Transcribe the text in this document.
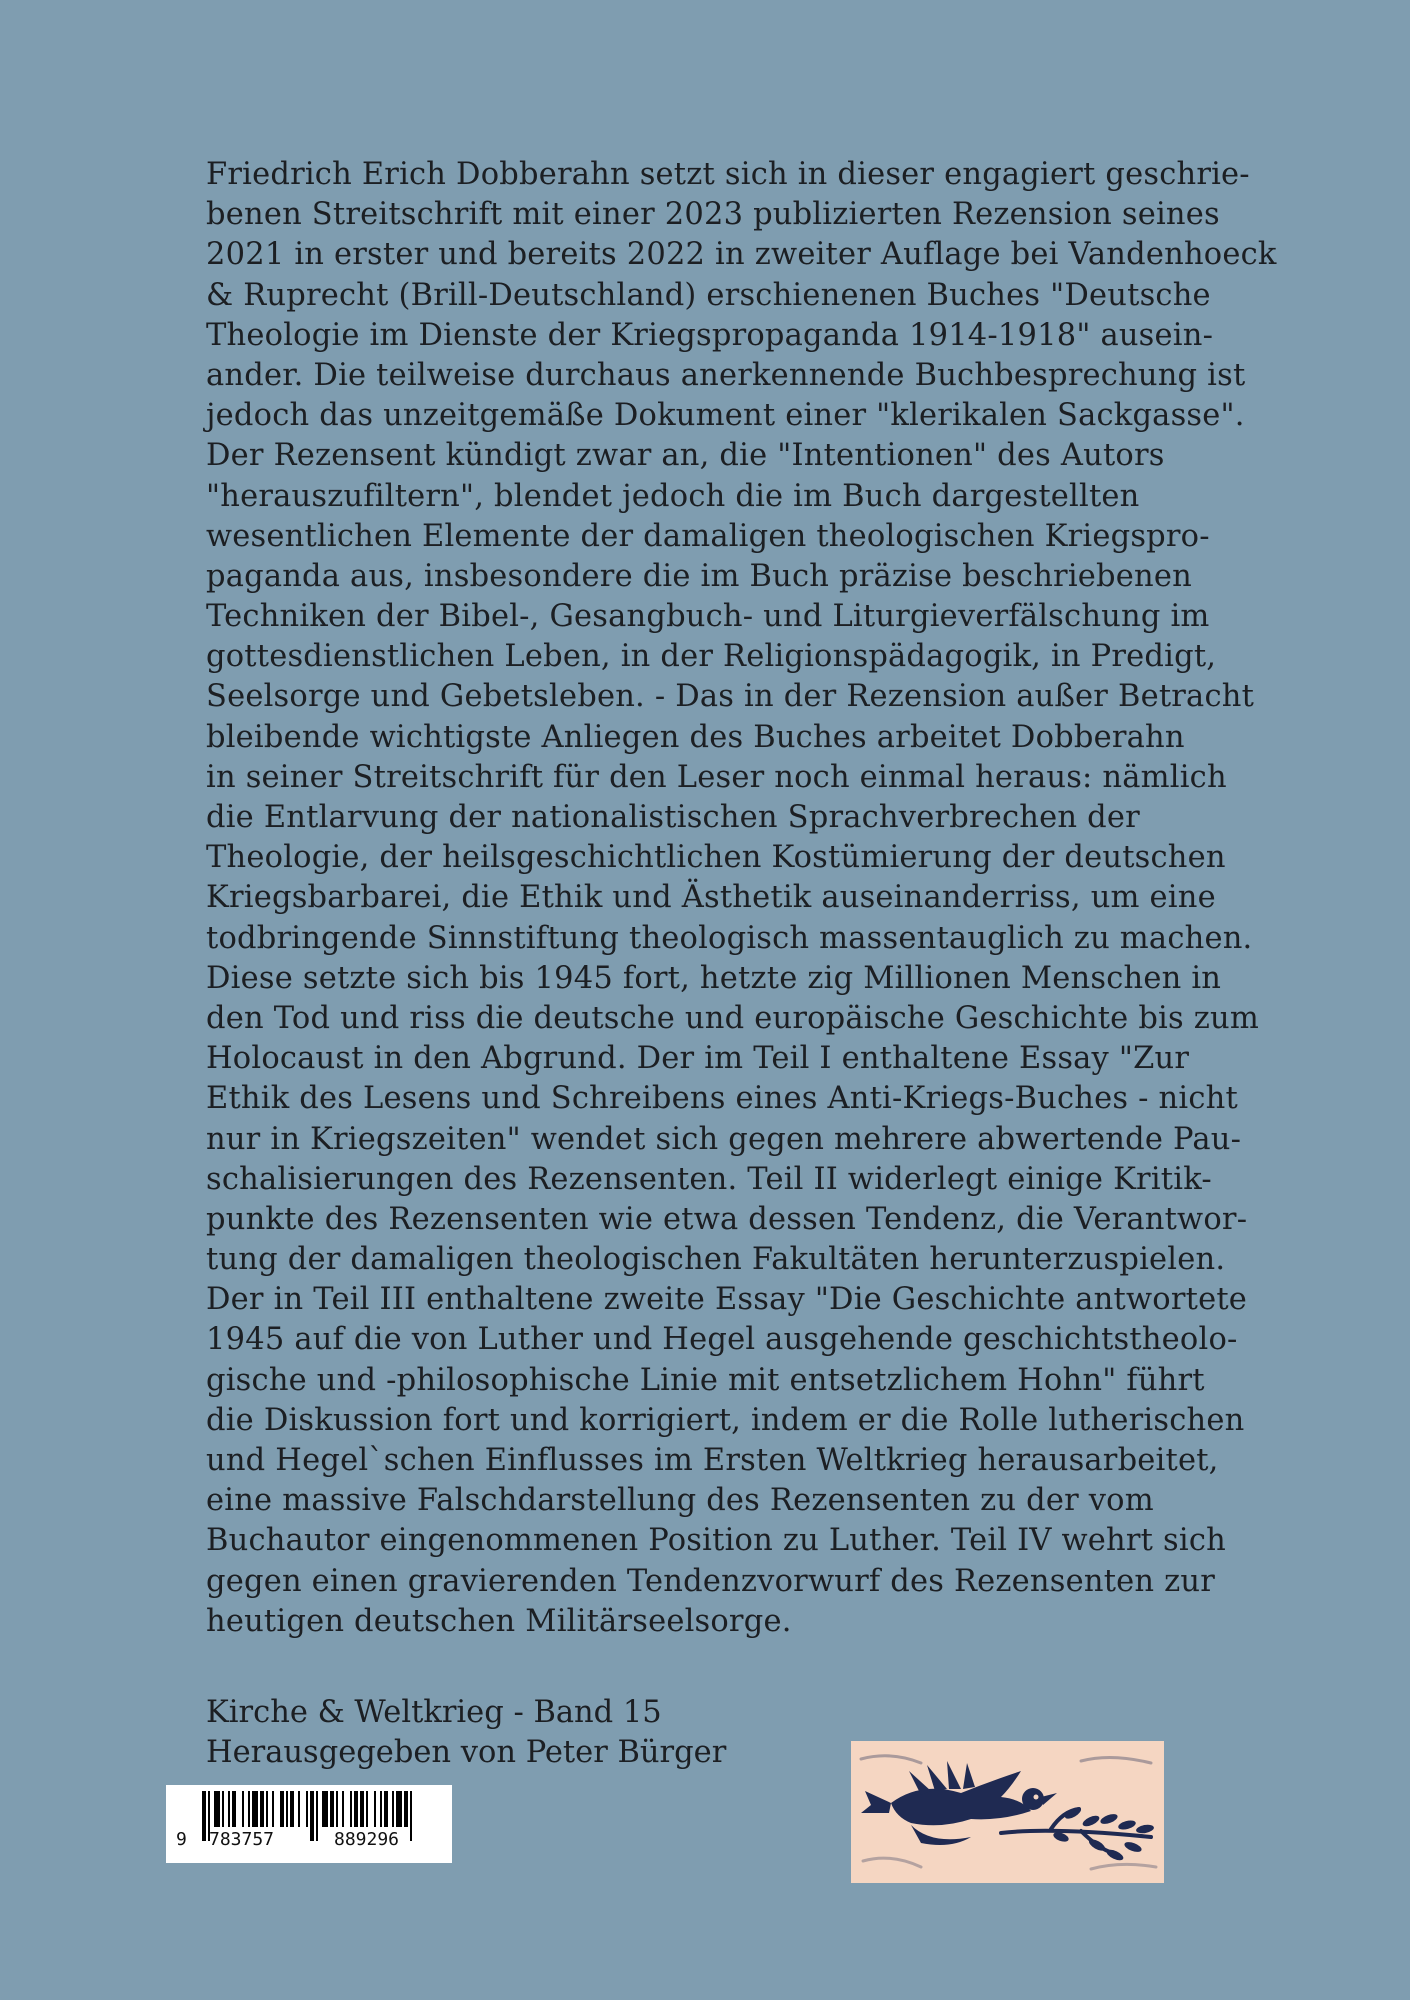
Friedrich Erich Dobberahn setzt sich in dieser engagiert geschrie-
benen Streitschrift mit einer 2023 publizierten Rezension seines
2021 in erster und bereits 2022 in zweiter Auflage bei Vandenhoeck
& Ruprecht (Brill-Deutschland) erschienenen Buches "Deutsche
Theologie im Dienste der Kriegspropaganda 1914-1918" ausein-
ander. Die teilweise durchaus anerkennende Buchbesprechung ist
jedoch das unzeitgemäße Dokument einer "klerikalen Sackgasse".
Der Rezensent kündigt zwar an, die "Intentionen" des Autors
"herauszufiltern", blendet jedoch die im Buch dargestellten
wesentlichen Elemente der damaligen theologischen Kriegspro-
paganda aus, insbesondere die im Buch präzise beschriebenen
Techniken der Bibel-, Gesangbuch- und Liturgieverfälschung im
gottesdienstlichen Leben, in der Religionspädagogik, in Predigt,
Seelsorge und Gebetsleben. - Das in der Rezension außer Betracht
bleibende wichtigste Anliegen des Buches arbeitet Dobberahn
in seiner Streitschrift für den Leser noch einmal heraus: nämlich
die Entlarvung der nationalistischen Sprachverbrechen der
Theologie, der heilsgeschichtlichen Kostümierung der deutschen
Kriegsbarbarei, die Ethik und Ästhetik auseinanderriss, um eine
todbringende Sinnstiftung theologisch massentauglich zu machen.
Diese setzte sich bis 1945 fort, hetzte zig Millionen Menschen in
den Tod und riss die deutsche und europäische Geschichte bis zum
Holocaust in den Abgrund. Der im Teil I enthaltene Essay "Zur
Ethik des Lesens und Schreibens eines Anti-Kriegs-Buches - nicht
nur in Kriegszeiten" wendet sich gegen mehrere abwertende Pau-
schalisierungen des Rezensenten. Teil II widerlegt einige Kritik-
punkte des Rezensenten wie etwa dessen Tendenz, die Verantwor-
tung der damaligen theologischen Fakultäten herunterzuspielen.
Der in Teil III enthaltene zweite Essay "Die Geschichte antwortete
1945 auf die von Luther und Hegel ausgehende geschichtstheolo-
gische und -philosophische Linie mit entsetzlichem Hohn" führt
die Diskussion fort und korrigiert, indem er die Rolle lutherischen
und Hegel`schen Einflusses im Ersten Weltkrieg herausarbeitet,
eine massive Falschdarstellung des Rezensenten zu der vom
Buchautor eingenommenen Position zu Luther. Teil IV wehrt sich
gegen einen gravierenden Tendenzvorwurf des Rezensenten zur
heutigen deutschen Militärseelsorge.
Kirche & Weltkrieg - Band 15
Herausgegeben von Peter Bürger
9 783757	889296
